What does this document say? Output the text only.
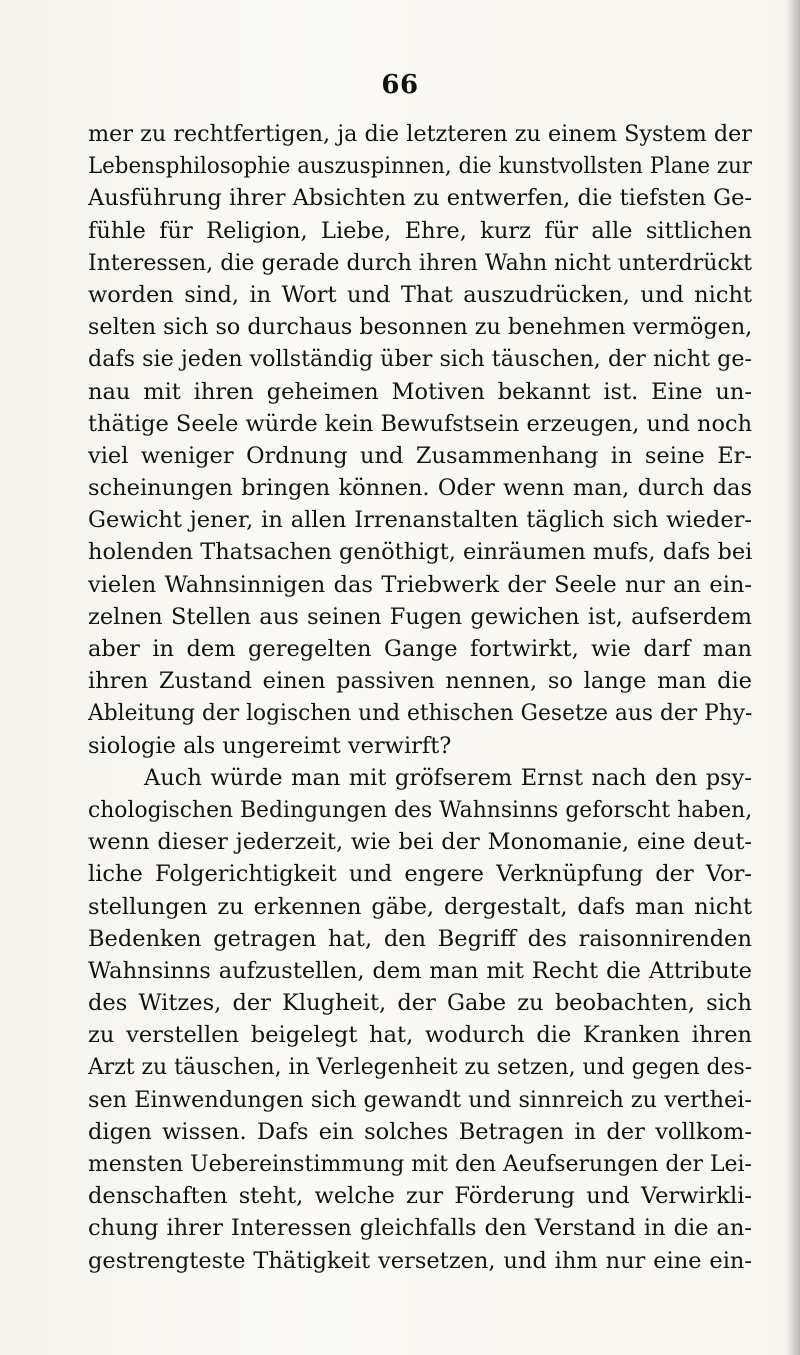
66
mer zu rechtfertigen, ja die letzteren zu einem System der
Lebensphilosophie auszuspinnen, die kunstvollsten Plane zur
Ausführung ihrer Absichten zu entwerfen, die tiefsten Ge-
fühle für Religion, Liebe, Ehre, kurz für alle sittlichen
Interessen, die gerade durch ihren Wahn nicht unterdrückt
worden sind, in Wort und That auszudrücken, und nicht
selten sich so durchaus besonnen zu benehmen vermögen,
dafs sie jeden vollständig über sich täuschen, der nicht ge-
nau mit ihren geheimen Motiven bekannt ist. Eine un-
thätige Seele würde kein Bewufstsein erzeugen, und noch
viel weniger Ordnung und Zusammenhang in seine Er-
scheinungen bringen können. Oder wenn man, durch das
Gewicht jener, in allen Irrenanstalten täglich sich wieder-
holenden Thatsachen genöthigt, einräumen mufs, dafs bei
vielen Wahnsinnigen das Triebwerk der Seele nur an ein-
zelnen Stellen aus seinen Fugen gewichen ist, aufserdem
aber in dem geregelten Gange fortwirkt, wie darf man
ihren Zustand einen passiven nennen, so lange man die
Ableitung der logischen und ethischen Gesetze aus der Phy-
siologie als ungereimt verwirft?
Auch würde man mit gröfserem Ernst nach den psy-
chologischen Bedingungen des Wahnsinns geforscht haben,
wenn dieser jederzeit, wie bei der Monomanie, eine deut-
liche Folgerichtigkeit und engere Verknüpfung der Vor-
stellungen zu erkennen gäbe, dergestalt, dafs man nicht
Bedenken getragen hat, den Begriff des raisonnirenden
Wahnsinns aufzustellen, dem man mit Recht die Attribute
des Witzes, der Klugheit, der Gabe zu beobachten, sich
zu verstellen beigelegt hat, wodurch die Kranken ihren
Arzt zu täuschen, in Verlegenheit zu setzen, und gegen des-
sen Einwendungen sich gewandt und sinnreich zu verthei-
digen wissen. Dafs ein solches Betragen in der vollkom-
mensten Uebereinstimmung mit den Aeufserungen der Lei-
denschaften steht, welche zur Förderung und Verwirkli-
chung ihrer Interessen gleichfalls den Verstand in die an-
gestrengteste Thätigkeit versetzen, und ihm nur eine ein-
